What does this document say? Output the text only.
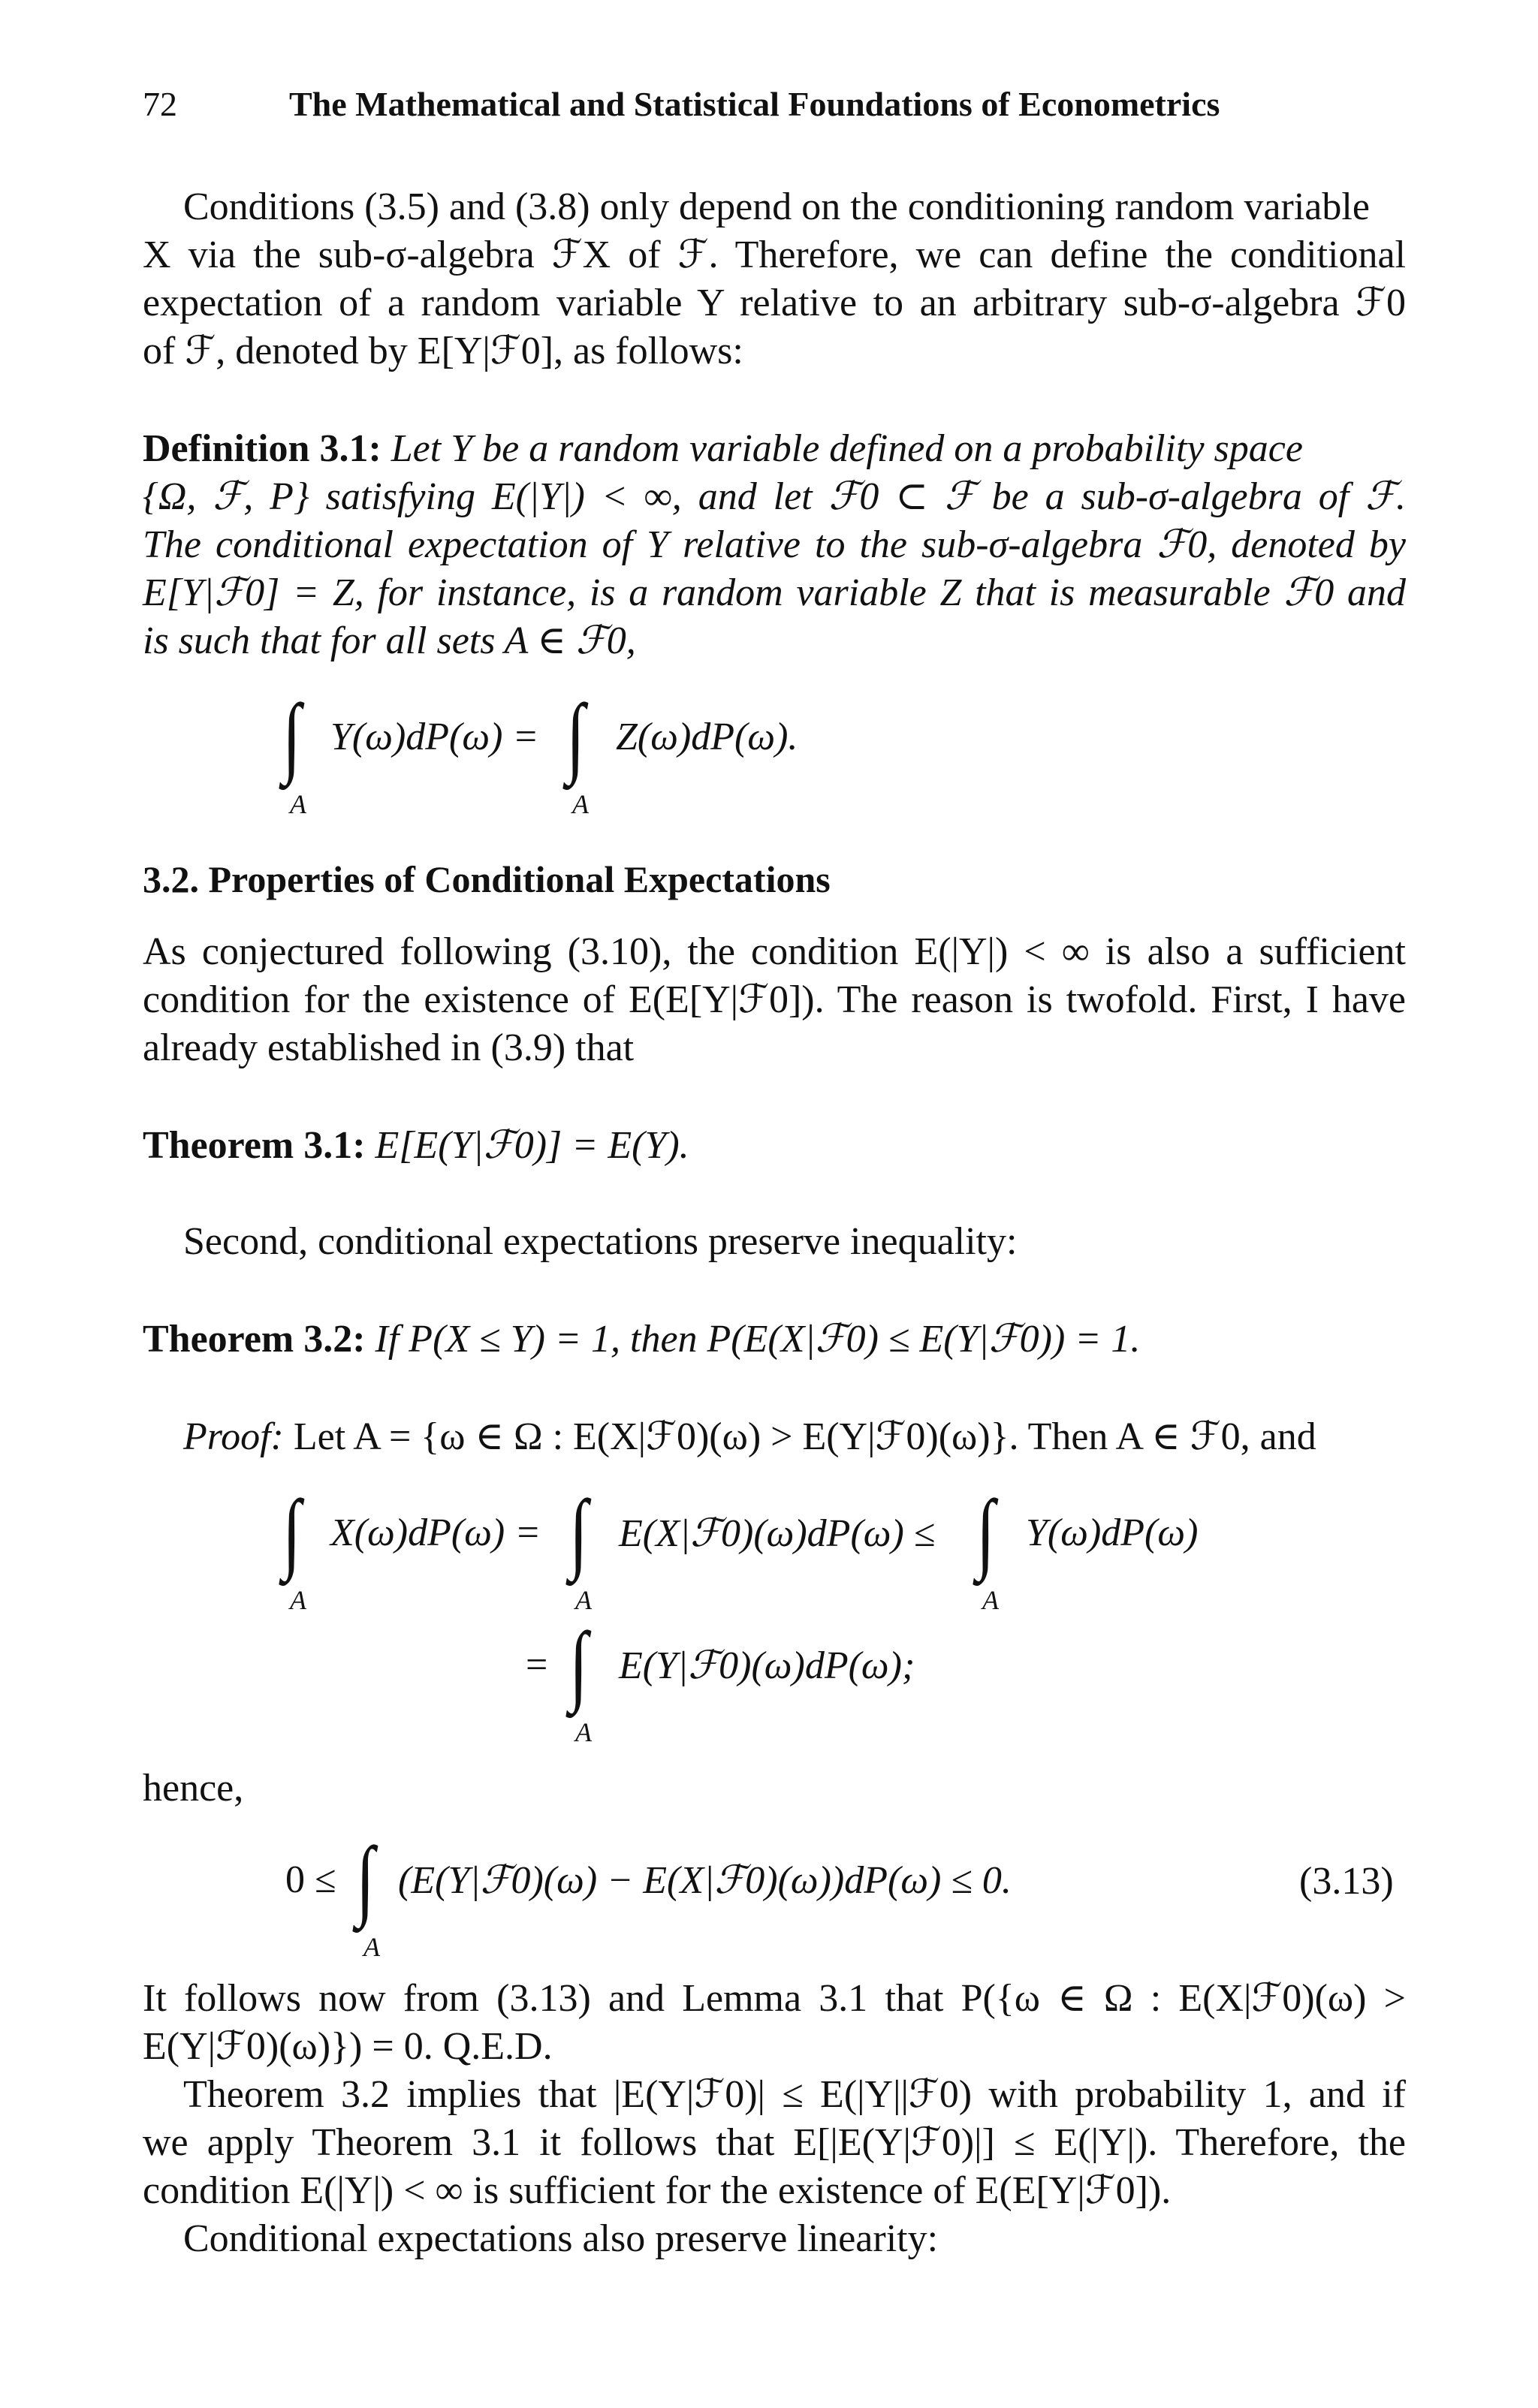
72	The Mathematical and Statistical Foundations of Econometrics
Conditions (3.5) and (3.8) only depend on the conditioning random variable
X via the sub-σ-algebra ℱX of ℱ. Therefore, we can define the conditional
expectation of a random variable Y relative to an arbitrary sub-σ-algebra ℱ0
of ℱ, denoted by E[Y|ℱ0], as follows:
Definition 3.1: Let Y be a random variable defined on a probability space
{Ω, ℱ, P} satisfying E(|Y|) < ∞, and let ℱ0 ⊂ ℱ be a sub-σ-algebra of ℱ.
The conditional expectation of Y relative to the sub-σ-algebra ℱ0, denoted by
E[Y|ℱ0] = Z, for instance, is a random variable Z that is measurable ℱ0 and
is such that for all sets A ∈ ℱ0,
∫
A
Y(ω)dP(ω) = ∫
A
Z(ω)dP(ω).
3.2. Properties of Conditional Expectations
As conjectured following (3.10), the condition E(|Y|) < ∞ is also a sufficient
condition for the existence of E(E[Y|ℱ0]). The reason is twofold. First, I have
already established in (3.9) that
Theorem 3.1: E[E(Y|ℱ0)] = E(Y).
Second, conditional expectations preserve inequality:
Theorem 3.2: If P(X ≤ Y) = 1, then P(E(X|ℱ0) ≤ E(Y|ℱ0)) = 1.
Proof: Let A = {ω ∈ Ω : E(X|ℱ0)(ω) > E(Y|ℱ0)(ω)}. Then A ∈ ℱ0, and
∫
A
X(ω)dP(ω) = ∫
A
E(X|ℱ0)(ω)dP(ω) ≤ ∫
A
Y(ω)dP(ω)
= ∫
A
E(Y|ℱ0)(ω)dP(ω);
hence,
0 ≤ ∫
A
(E(Y|ℱ0)(ω) − E(X|ℱ0)(ω))dP(ω) ≤ 0.	(3.13)
It follows now from (3.13) and Lemma 3.1 that P({ω ∈ Ω : E(X|ℱ0)(ω) >
E(Y|ℱ0)(ω)}) = 0. Q.E.D.
Theorem 3.2 implies that |E(Y|ℱ0)| ≤ E(|Y||ℱ0) with probability 1, and if
we apply Theorem 3.1 it follows that E[|E(Y|ℱ0)|] ≤ E(|Y|). Therefore, the
condition E(|Y|) < ∞ is sufficient for the existence of E(E[Y|ℱ0]).
Conditional expectations also preserve linearity:
